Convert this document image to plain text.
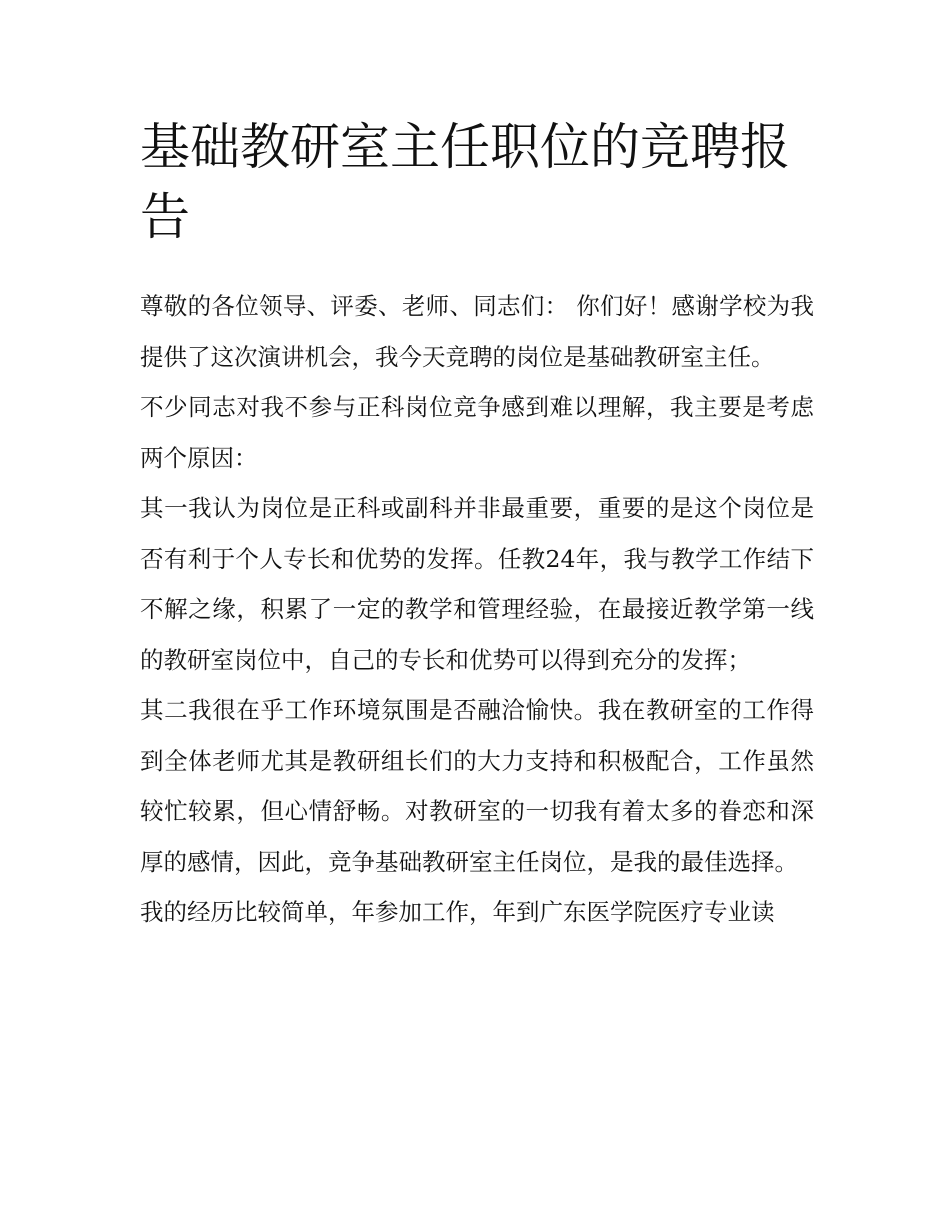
基础教研室主任职位的竞聘报告

尊敬的各位领导、评委、老师、同志们： 你们好！感谢学校为我提供了这次演讲机会，我今天竞聘的岗位是基础教研室主任。

不少同志对我不参与正科岗位竞争感到难以理解，我主要是考虑两个原因：

其一我认为岗位是正科或副科并非最重要，重要的是这个岗位是否有利于个人专长和优势的发挥。任教24年，我与教学工作结下不解之缘，积累了一定的教学和管理经验，在最接近教学第一线的教研室岗位中，自己的专长和优势可以得到充分的发挥；

其二我很在乎工作环境氛围是否融洽愉快。我在教研室的工作得到全体老师尤其是教研组长们的大力支持和积极配合，工作虽然较忙较累，但心情舒畅。对教研室的一切我有着太多的眷恋和深厚的感情，因此，竞争基础教研室主任岗位，是我的最佳选择。

我的经历比较简单，年参加工作，年到广东医学院医疗专业读
